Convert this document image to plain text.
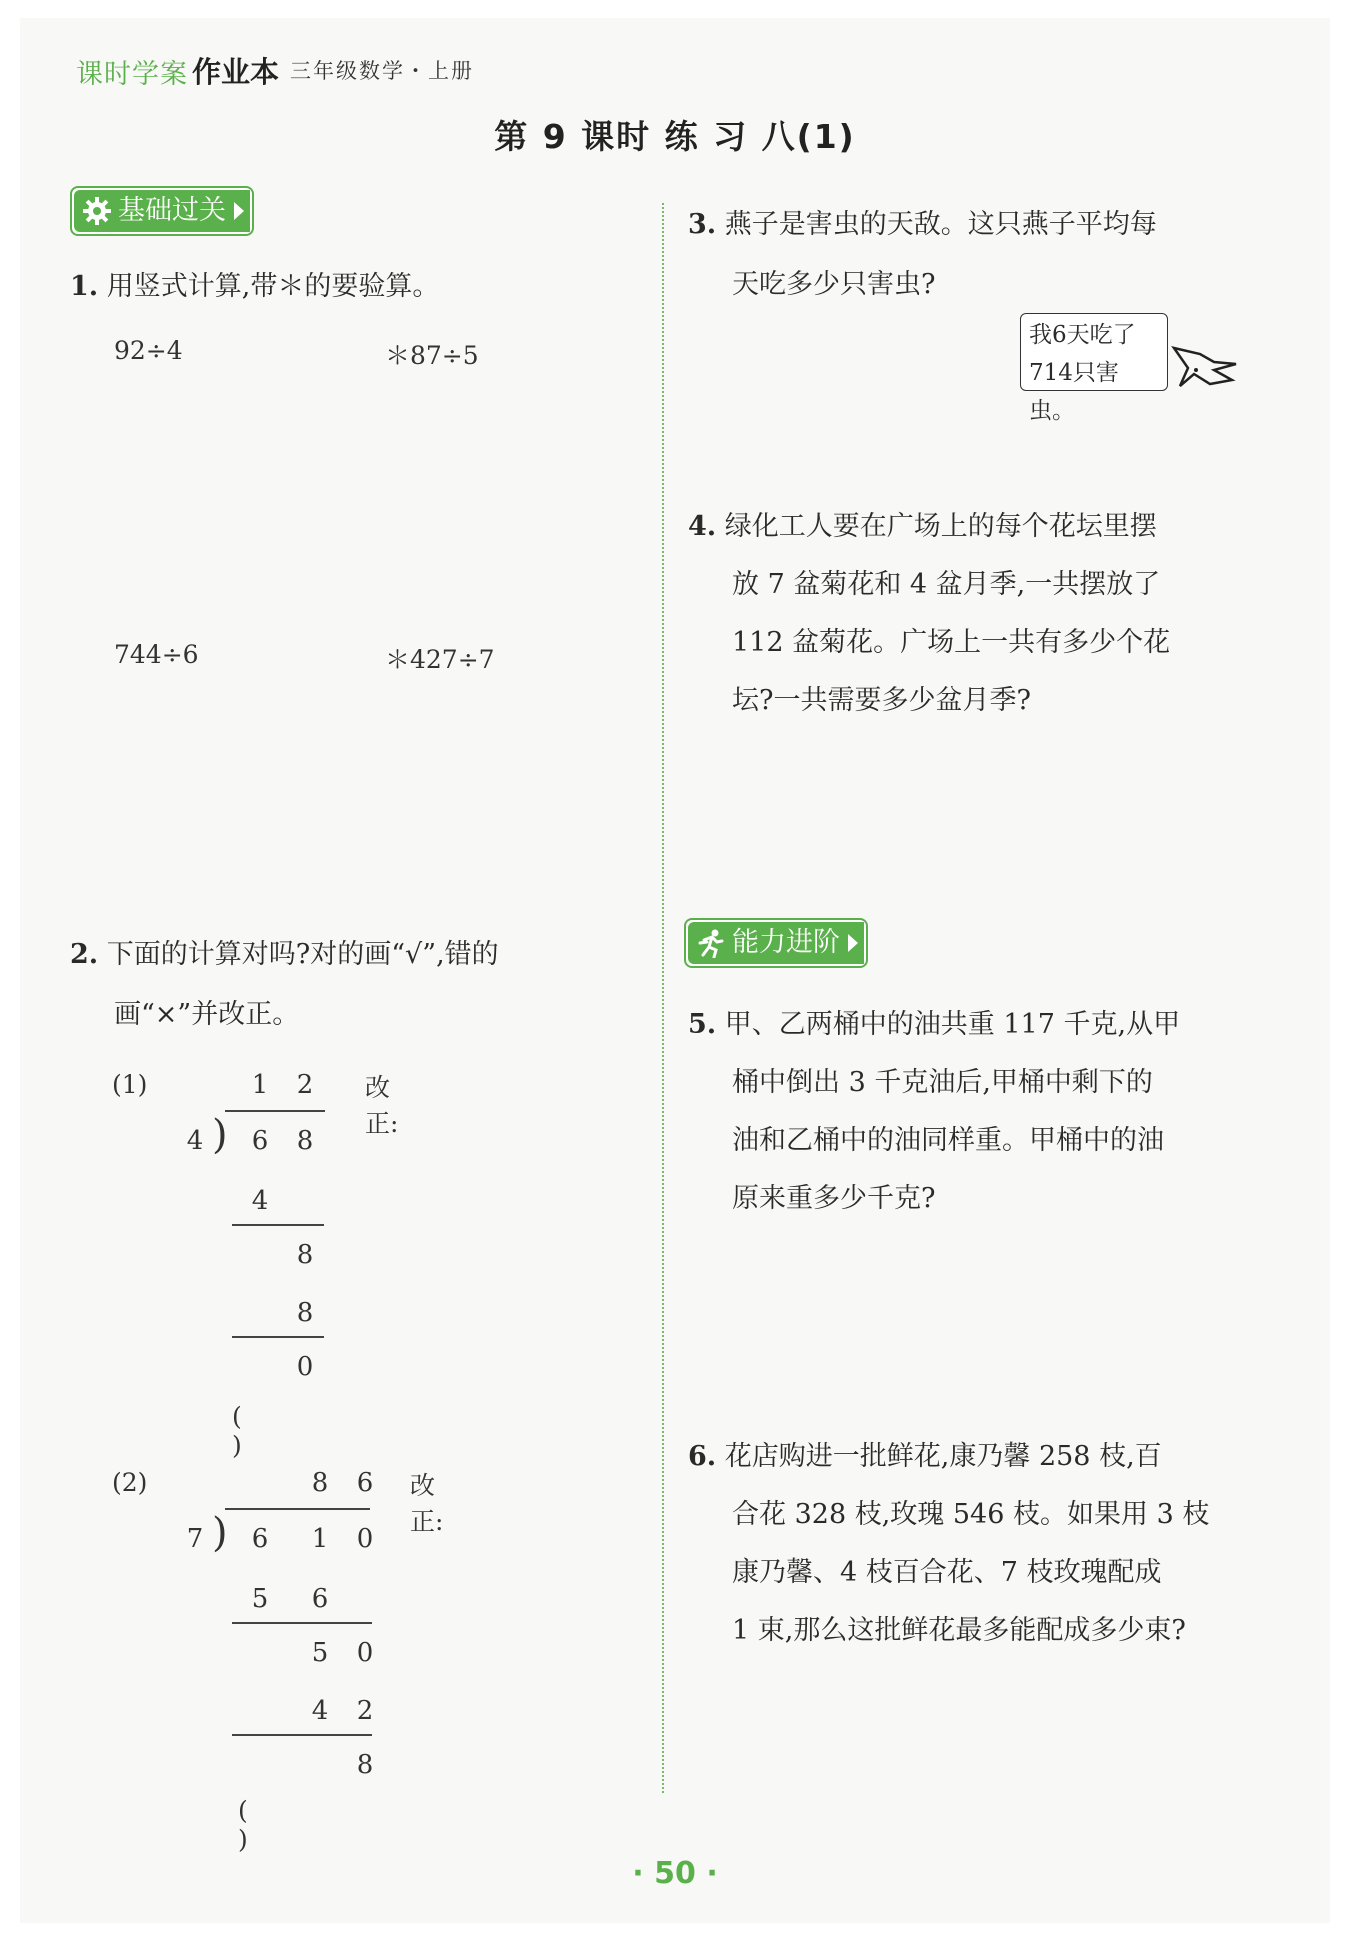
课时学案 作业本 三年级数学・上册
第 9 课时 练 习 八(1)
基础过关
1. 用竖式计算,带＊的要验算。
92÷4	＊87÷5
744÷6	＊427÷7
2. 下面的计算对吗?对的画“√”,错的
画“×”并改正。
(1)	改正:
1 2
4 ) 6 8
4
8
8
0
( )
(2)	改正:
8 6
7 ) 6 1 0
5 6
5 0
4 2
8
( )
3. 燕子是害虫的天敌。这只燕子平均每
天吃多少只害虫?
我6天吃了
714只害虫。
4. 绿化工人要在广场上的每个花坛里摆
放 7 盆菊花和 4 盆月季,一共摆放了
112 盆菊花。广场上一共有多少个花
坛?一共需要多少盆月季?
能力进阶
5. 甲、乙两桶中的油共重 117 千克,从甲
桶中倒出 3 千克油后,甲桶中剩下的
油和乙桶中的油同样重。甲桶中的油
原来重多少千克?
6. 花店购进一批鲜花,康乃馨 258 枝,百
合花 328 枝,玫瑰 546 枝。如果用 3 枝
康乃馨、4 枝百合花、7 枝玫瑰配成
1 束,那么这批鲜花最多能配成多少束?
· 50 ·
